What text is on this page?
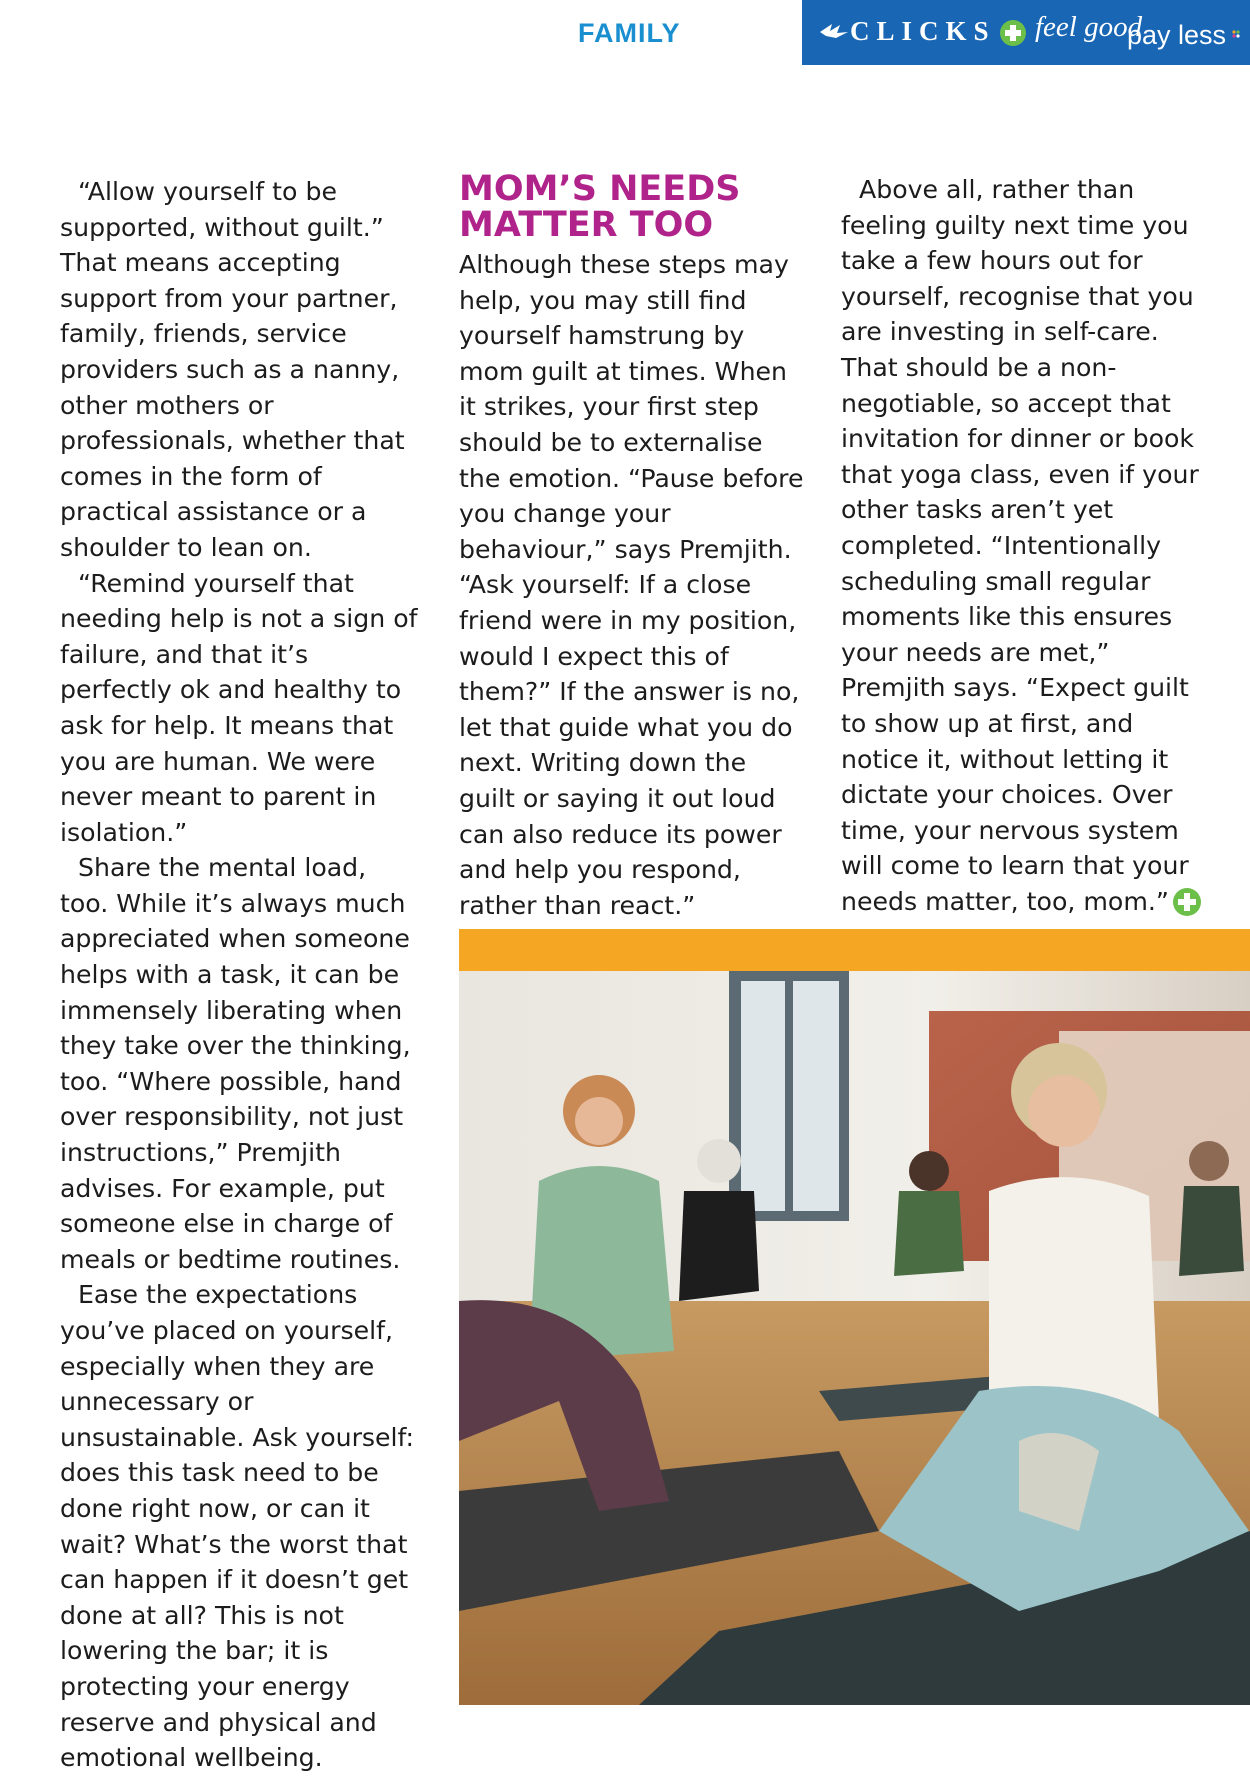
FAMILY	CLICKS feel good
pay less

“Allow yourself to be supported, without guilt.” That means accepting support from your partner, family, friends, service providers such as a nanny, other mothers or professionals, whether that comes in the form of practical assistance or a shoulder to lean on.

“Remind yourself that needing help is not a sign of failure, and that it’s perfectly ok and healthy to ask for help. It means that you are human. We were never meant to parent in isolation.”

Share the mental load, too. While it’s always much appreciated when someone helps with a task, it can be immensely liberating when they take over the thinking, too. “Where possible, hand over responsibility, not just instructions,” Premjith advises. For example, put someone else in charge of meals or bedtime routines.

Ease the expectations you’ve placed on yourself, especially when they are unnecessary or unsustainable. Ask yourself: does this task need to be done right now, or can it wait? What’s the worst that can happen if it doesn’t get done at all? This is not lowering the bar; it is protecting your energy reserve and physical and emotional wellbeing.

MOM’S NEEDS MATTER TOO

Although these steps may help, you may still find yourself hamstrung by mom guilt at times. When it strikes, your first step should be to externalise the emotion. “Pause before you change your behaviour,” says Premjith. “Ask yourself: If a close friend were in my position, would I expect this of them?” If the answer is no, let that guide what you do next. Writing down the guilt or saying it out loud can also reduce its power and help you respond, rather than react.”

Above all, rather than feeling guilty next time you take a few hours out for yourself, recognise that you are investing in self-care. That should be a non-negotiable, so accept that invitation for dinner or book that yoga class, even if your other tasks aren’t yet completed. “Intentionally scheduling small regular moments like this ensures your needs are met,” Premjith says. “Expect guilt to show up at first, and notice it, without letting it dictate your choices. Over time, your nervous system will come to learn that your needs matter, too, mom.”
